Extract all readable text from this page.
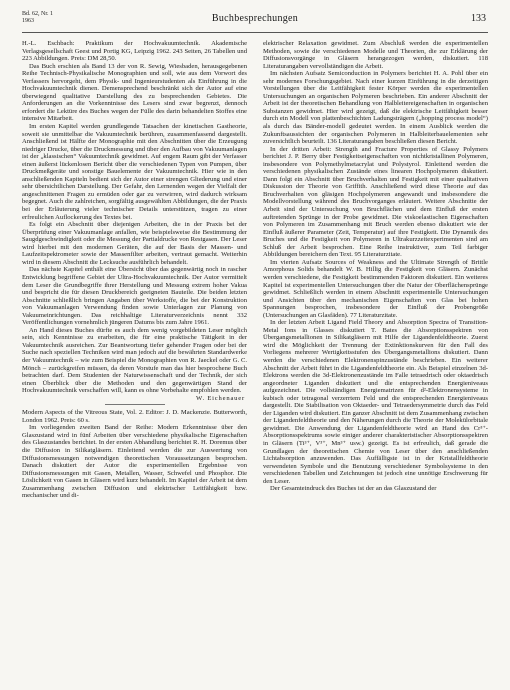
Bd. 62, Nr. 1
1963	Buchbesprechungen	133

H.-L. Eschbach: Praktikum der Hochvakuumtechnik. Akademische Verlagsgesellschaft Geest und Portig KG, Leipzig 1962. 243 Seiten, 26 Tabellen und 223 Abbildungen. Preis: DM 28,50.

Das Buch erschien als Band 13 der von R. Sewig, Wiesbaden, herausgegebenen Reihe Technisch-Physikalische Monographien und soll, wie aus dem Vorwort des Verfassers hervorgeht, dem Physik- und Ingenieurstudenten als Einführung in die Hochvakuumtechnik dienen. Demensprechend beschränkt sich der Autor auf eine überwiegend qualitative Darstellung des zu besprechenden Gebietes. Die Anforderungen an die Vorkenntnisse des Lesers sind zwar begrenzt, dennoch erfordert die Lektüre des Buches wegen der Fülle des darin behandelten Stoffes eine intensive Mitarbeit.

Im ersten Kapitel werden grundlegende Tatsachen der kinetischen Gastheorie, soweit sie unmittelbar die Vakuumtechnik berühren, zusammenfassend dargestellt. Anschließend ist Hälfte der Monographie mit den Abschnitten über die Erzeugung niedriger Drucke, über die Druckmessung und über den Aufbau von Vakuumanlagen ist der „klassischen“ Vakuumtechnik gewidmet. Auf engem Raum gibt der Verfasser einen äußerst lückenlosen Bericht über die verschiedenen Typen von Pumpen, über Druckmeßgeräte und sonstige Bauelemente der Vakuumtechnik. Hier wie in den anschließenden Kapiteln bedient sich der Autor einer strengen Gliederung und einer sehr übersichtlichen Darstellung. Der Gefahr, den Lernenden wegen der Vielfalt der angeschnittenen Fragen zu ermüden oder gar zu verwirren, wird dadurch wirksam begegnet. Auch die zahlreichen, sorgfältig ausgewählten Abbildungen, die der Praxis bei der Erläuterung vieler technischer Details unterstützen, tragen zu einer erfreulichen Auflockerung des Textes bei.

Es folgt ein Abschnitt über diejenigen Arbeiten, die in der Praxis bei der Überprüfung einer Vakuumanlage anfallen, wie beispielsweise die Bestimmung der Saugdgeschwindigkeit oder die Messung der Partialdrucke von Restgasen. Der Leser wird hierbei mit den modernen Geräten, die auf der Basis der Massen- und Laufzeitspektrometer sowie der Massenfilter arbeiten, vertraut gemacht. Weiterhin wird in diesem Abschnitt die Lecksuche ausführlich behandelt.

Das nächste Kapitel enthält eine Übersicht über das gegenwärtig noch in rascher Entwicklung begriffene Gebiet der Ultra-Hochvakuumtechnik. Der Autor vermittelt dem Leser die Grundbegriffe ihrer Herstellung und Messung extrem hoher Vakua und bespricht die für diesen Druckbereich geeigneten Bauteile. Die beiden letzten Abschnitte schließlich bringen Angaben über Werkstoffe, die bei der Konstruktion von Vakuumanlagen Verwendung finden sowie Unterlagen zur Planung von Vakuumeinrichtungen. Das reichhaltige Literaturverzeichnis nennt 332 Veröffentlichungen vornehmlich jüngeren Datums bis zum Jahre 1961.

An Hand dieses Buches dürfte es auch dem wenig vorgebildeten Leser möglich sein, sich Kenntnisse zu erarbeiten, die für eine praktische Tätigkeit in der Vakuumtechnik ausreichen. Zur Beantwortung tiefer gehender Fragen oder bei der Suche nach speziellen Techniken wird man jedoch auf die bewährten Standardwerke der Vakuumtechnik – wie zum Beispiel die Monographien von R. Jaeckel oder G. C. Mönch – zurückgreifen müssen, da deren Vorstufe man das hier besprochene Buch betrachten darf. Dem Studenten der Naturwissenschaft und der Technik, der sich einen Überblick über die Methoden und den gegenwärtigen Stand der Hochvakuumtechnik verschaffen will, kann es ohne Vorbehalte empfohlen werden.

W. Eichenauer

Modern Aspects of the Vitreous State, Vol. 2. Editor: J. D. Mackenzie. Butterworth, London 1962. Preis: 60 s.

Im vorliegenden zweiten Band der Reihe: Modern Erkenntnisse über den Glaszustand wird in fünf Arbeiten über verschiedene physikalische Eigenschaften des Glaszustandes berichtet. In der ersten Abhandlung berichtet R. H. Doremus über die Diffusion in Silikatgläsern. Einleitend werden die zur Auswertung von Diffusionsmessungen notwendigen theoretischen Voraussetzungen besprochen. Danach diskutiert der Autor die experimentellen Ergebnisse von Diffusionsmessungen mit Gasen, Metallen, Wasser, Schwefel und Phosphor. Die Löslichkeit von Gasen in Gläsern wird kurz behandelt. Im Kapitel der Arbeit ist dem Zusammenhang zwischen Diffusion und elektrischer Leitfähigkeit bzw. mechanischer und di-

elektrischer Relaxation gewidmet. Zum Abschluß werden die experimentellen Methoden, sowie die verschiedenen Modelle und Theorien, die zur Erklärung der Diffusionsvorgänge in Gläsern herangezogen werden, diskutiert. 118 Literaturangaben vervollständigen die Arbeit.

Im nächsten Aufsatz Semiconduction in Polymers berichtet H. A. Pohl über ein sehr modernes Forschungsgebiet. Nach einer kurzen Einführung in die derzeitigen Vorstellungen über die Leitfähigkeit fester Körper werden die experimentellen Untersuchungen an organischen Polymeren beschrieben. Ein anderer Abschnitt der Arbeit ist der theoretischen Behandlung von Halbleitereigenschaften in organischen Substanzen gewidmet. Hier wird gezeigt, daß die elektrische Leitfähigkeit besser durch ein Modell von plattenbeschichten Ladungsträgern („hopping process model“) als durch das Bänder-modell gedeutet werden. In einem Ausblick werden die Zukunftsaussichten der organischen Polymeren in Halbleiterbauelementen sehr zuversichtlich beurteilt. 136 Literaturangaben beschließen diesen Bericht.

In der dritten Arbeit: Strength and Fracture Properties of Glassy Polymers berichtet J. P. Berry über Festigkeitseigenschaften von nichtkristallinen Polymeren, insbesondere von Polymethylmetacrylat und Polystyrol. Einleitend werden die verschiedenen physikalischen Zustände eines linearen Hochpolymeren diskutiert. Dann folgt ein Abschnitt über Bruchverhalten und Festigkeit mit einer qualitativen Diskussion der Theorie von Griffith. Anschließend wird diese Theorie auf das Bruchverhalten von gläsigen Hochpolymeren angewandt und insbesondere die Modellvorstellung während des Bruchvorganges erläutert. Weitere Abschnitte der Arbeit sind der Untersuchung von Bruchflächen und dem Einfluß der ersten auftretenden Sprünge in der Probe gewidmet. Die viskoelastischen Eigenschaften von Polymeren im Zusammenhang mit Bruch werden ebenso diskutiert wie der Einfluß äußerer Parameter (Zeit, Temperatur) auf ihre Festigkeit. Die Dynamik des Bruches und die Festigkeit von Polymeren in Ultrakurzzeitexperimenten sind am Schluß der Arbeit besprochen. Eine Reihe instruktiver, zum Teil farbiger Abbildungen bereichern den Text. 95 Literaturzitate.

Im vierten Aufsatz Sources of Weakness and the Ultimate Strength of Brittle Amorphous Solids behandelt W. B. Hillig die Festigkeit von Gläsern. Zunächst werden verschiedene, die Festigkeit bestimmenden Faktoren diskutiert. Ein weiteres Kapitel ist experimentellen Untersuchungen über die Natur der Oberflächensprünge gewidmet. Schließlich werden in einem Abschnitt experimentelle Untersuchungen und Ansichten über den mechanischen Eigenschaften von Glas bei hohen Spannungen besprochen, insbesondere der Einfluß der Probengröße (Untersuchungen an Glasfäden). 77 Literaturzitate.

In der letzten Arbeit Ligand Field Theory and Absorption Spectra of Transition-Metal Ions in Glasses diskutiert T. Bates die Absorptionsspektren von Übergangsmetallionen in Silikatgläsern mit Hilfe der Ligandenfeldtheorie. Zuerst wird die Möglichkeit der Trennung der Extinktionskurven für den Fall des Vorliegens mehrerer Wertigkeitsstufen des Übergangsmetallions diskutiert. Dann werden die verschiedenen Elektronenspinzustände beschrieben. Ein weiterer Abschnitt der Arbeit führt in die Ligandenfeldtheorie ein. Als Beispiel einzelnen 3d-Elektrons werden die 3d-Elektronenzustände im Falle tetraedrisch oder oktaedrisch angeordneter Liganden diskutiert und die entsprechenden Energieniveaus aufgezeichnet. Die vollständigen Energiematrizen für d²-Elektronensysteme in kubisch oder tetragonal verzerrtem Feld und die entsprechenden Energieniveaus dargestellt. Die Stabilisation von Oktaeder- und Tetraedersymmetrie durch das Feld der Liganden wird diskutiert. Ein ganzer Abschnitt ist dem Zusammenhang zwischen der Ligandenfeldtheorie und den Näherungen durch die Theorie der Molekülorbitale gewidmet. Die Anwendung der Ligandenfeldtheorie wird an Hand des Cr³⁺-Absorptionsspektrums sowie einiger anderer charakteristischer Absorptionsspektren in Gläsern (Ti³⁺, V³⁺, Mn³⁺ usw.) gezeigt. Es ist erfreulich, daß gerade die Grundlagen der theoretischen Chemie von Leser über den anschließenden Lichtabsorption anzuwenden. Das Auffälligste ist in der Kristallfeldtheorie verwendeten Symbole und die Benutzung verschiedener Symbolsysteme in den verschiedenen Tabellen und Zeichnungen ist jedoch eine unnötige Erschwerung für den Leser.

Der Gesamteindruck des Buches ist der an das Glaszustand der
